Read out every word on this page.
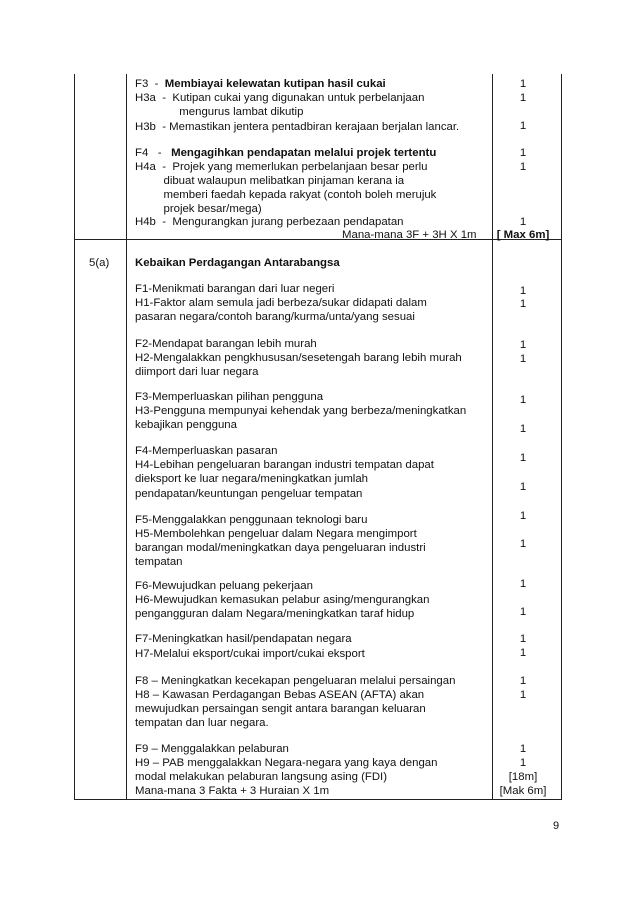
F3  -  Membiayai kelewatan kutipan hasil cukai
H3a  -  Kutipan cukai yang digunakan untuk perbelanjaan
mengurus lambat dikutip
H3b  - Memastikan jentera pentadbiran kerajaan berjalan lancar.
F4   -   Mengagihkan pendapatan melalui projek tertentu
H4a  -  Projek yang memerlukan perbelanjaan besar perlu
dibuat walaupun melibatkan pinjaman kerana ia
memberi faedah kepada rakyat (contoh boleh merujuk
projek besar/mega)
H4b  -  Mengurangkan jurang perbezaan pendapatan
Mana-mana 3F + 3H X 1m
1
1
1
1
1
1
[ Max 6m]
5(a) Kebaikan Perdagangan Antarabangsa
F1-Menikmati barangan dari luar negeri
H1-Faktor alam semula jadi berbeza/sukar didapati dalam
pasaran negara/contoh barang/kurma/unta/yang sesuai
F2-Mendapat barangan lebih murah
H2-Mengalakkan pengkhususan/sesetengah barang lebih murah
diimport dari luar negara
F3-Memperluaskan pilihan pengguna
H3-Pengguna mempunyai kehendak yang berbeza/meningkatkan
kebajikan pengguna
F4-Memperluaskan pasaran
H4-Lebihan pengeluaran barangan industri tempatan dapat
dieksport ke luar negara/meningkatkan jumlah
pendapatan/keuntungan pengeluar tempatan
F5-Menggalakkan penggunaan teknologi baru
H5-Membolehkan pengeluar dalam Negara mengimport
barangan modal/meningkatkan daya pengeluaran industri
tempatan
F6-Mewujudkan peluang pekerjaan
H6-Mewujudkan kemasukan pelabur asing/mengurangkan
pengangguran dalam Negara/meningkatkan taraf hidup
F7-Meningkatkan hasil/pendapatan negara
H7-Melalui eksport/cukai import/cukai eksport
F8 – Meningkatkan kecekapan pengeluaran melalui persaingan
H8 – Kawasan Perdagangan Bebas ASEAN (AFTA) akan
mewujudkan persaingan sengit antara barangan keluaran
tempatan dan luar negara.
F9 – Menggalakkan pelaburan
H9 – PAB menggalakkan Negara-negara yang kaya dengan
modal melakukan pelaburan langsung asing (FDI)
Mana-mana 3 Fakta + 3 Huraian X 1m
1
1
1
1
1
1
1
1
1
1
1
1
1
1
1
1
1
1
[18m]
[Mak 6m]
9
